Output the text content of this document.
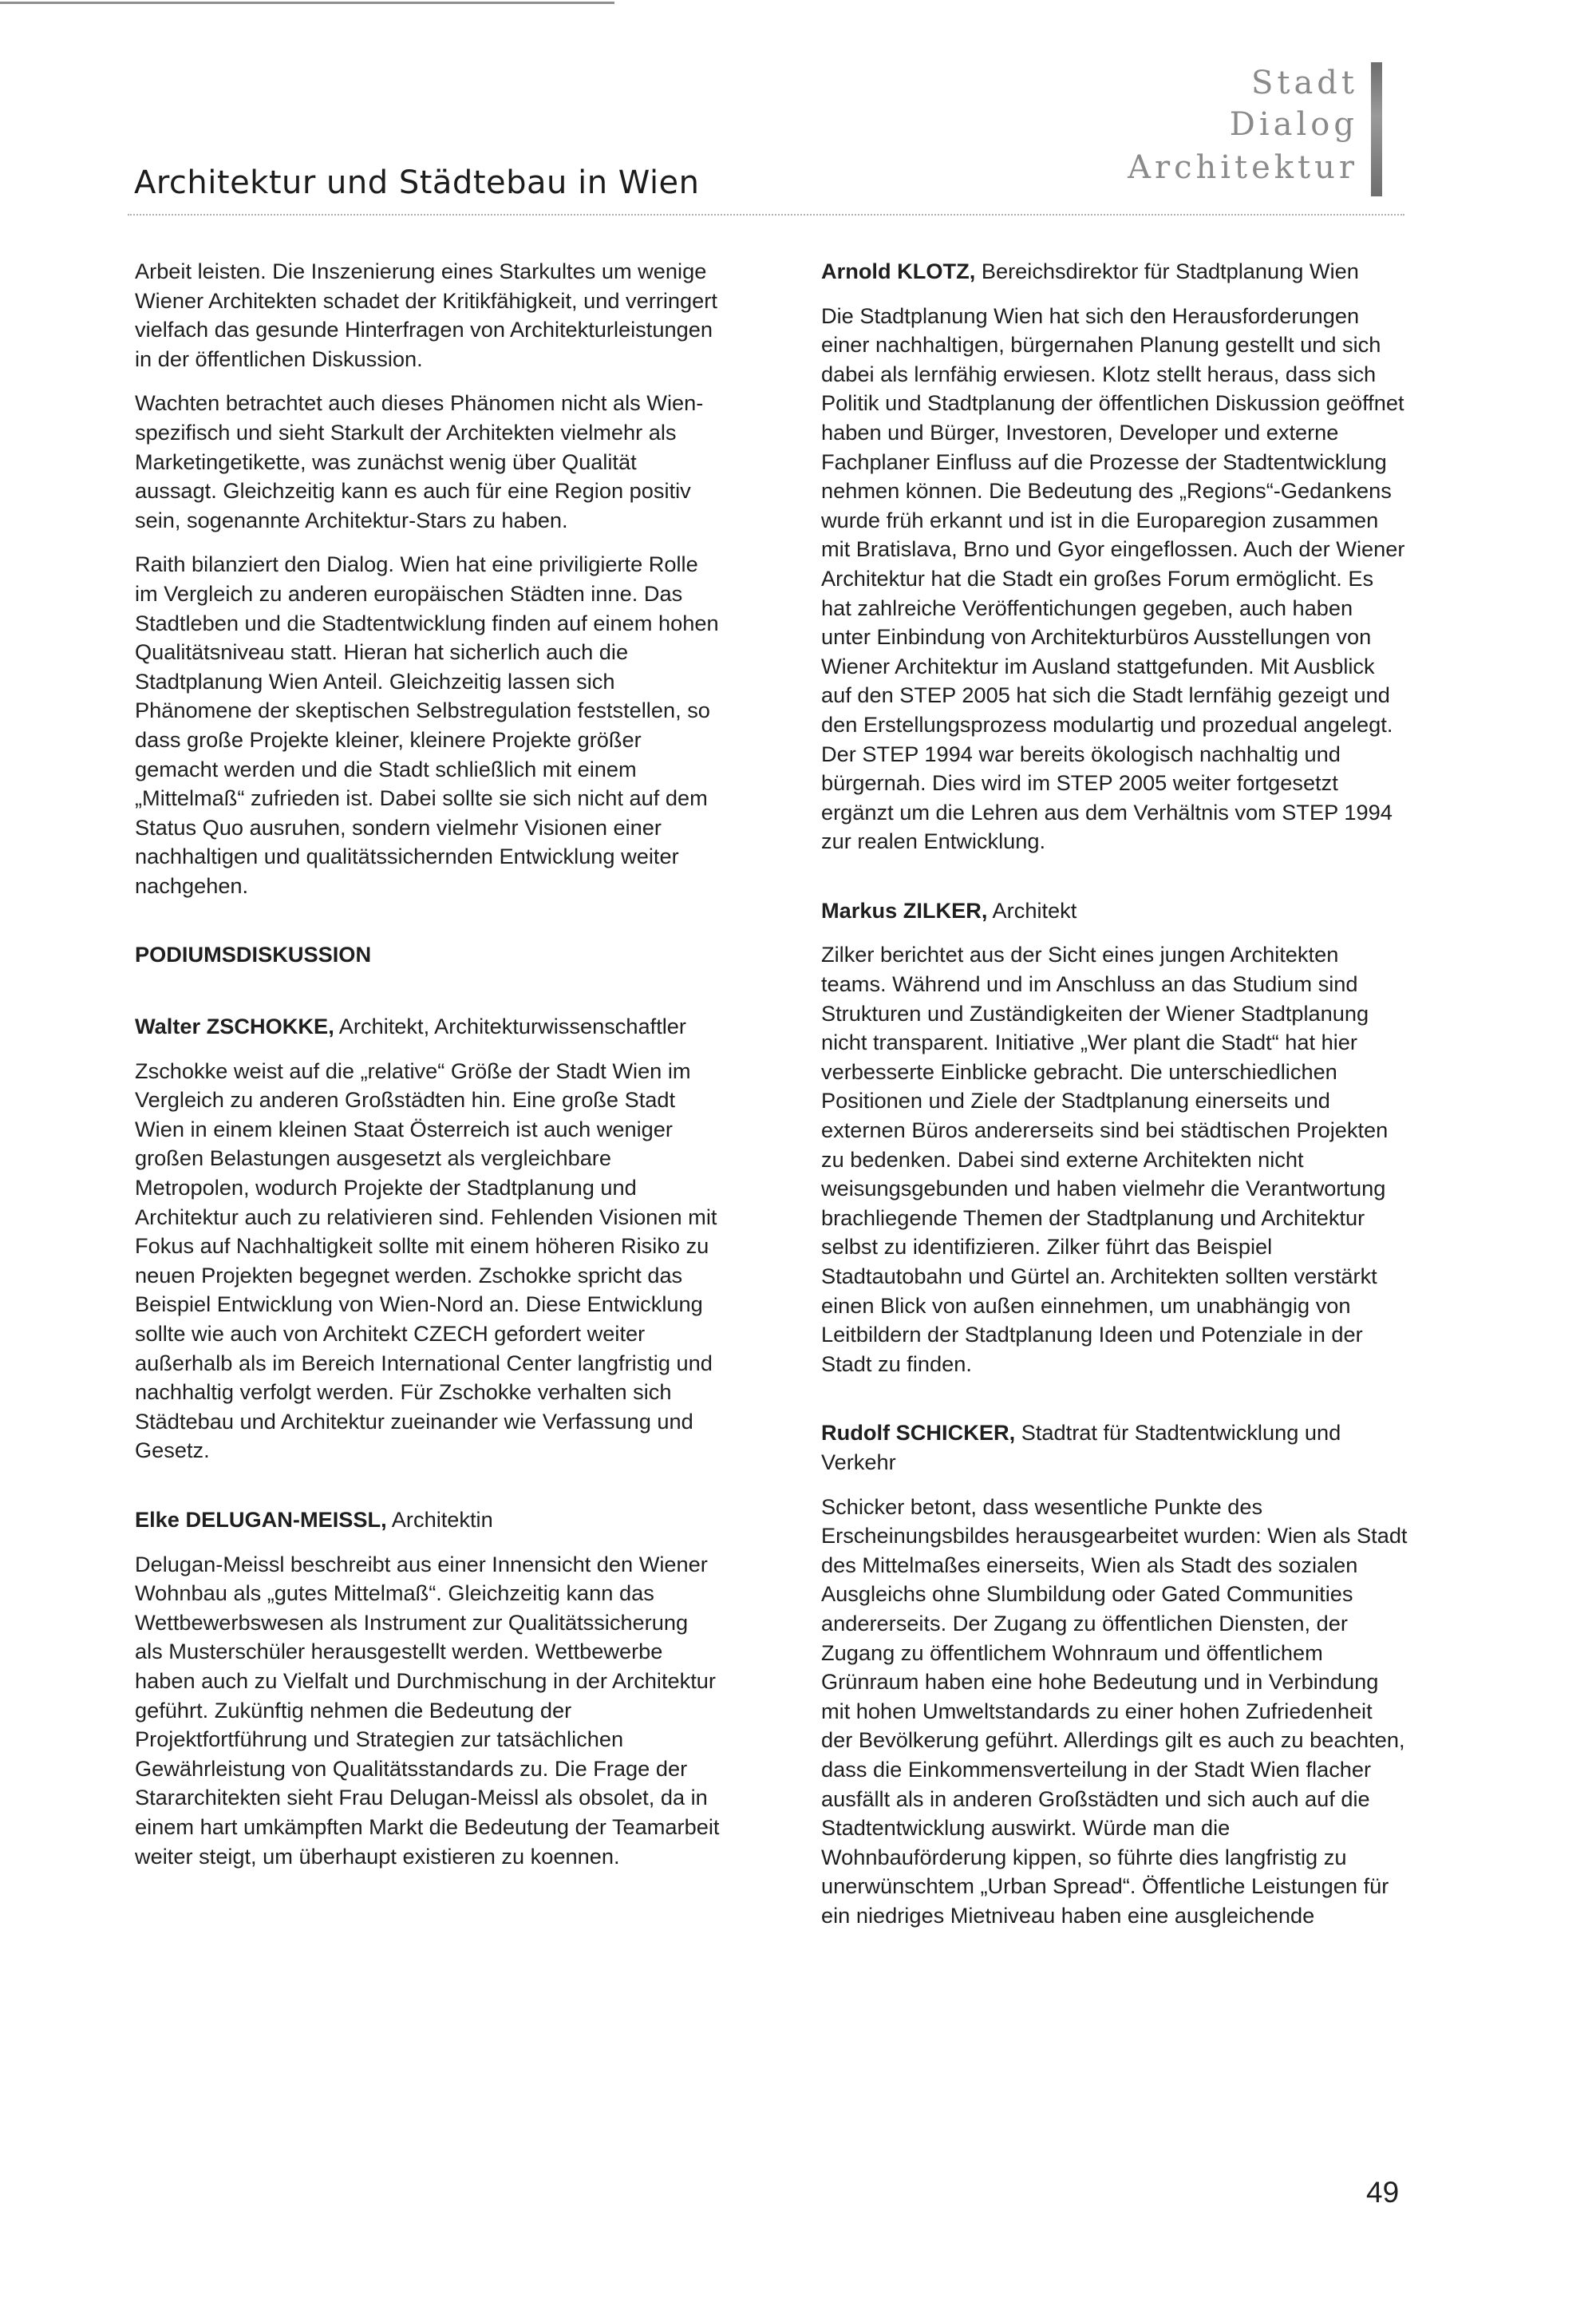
Architektur und Städtebau in Wien
Stadt
Dialog
Architektur

Arbeit leisten. Die Inszenierung eines Starkultes um wenige Wiener Architekten schadet der Kritikfähigkeit, und verringert vielfach das gesunde Hinterfragen von Architekturleistungen in der öffentlichen Diskussion.

Wachten betrachtet auch dieses Phänomen nicht als Wien-spezifisch und sieht Starkult der Architekten vielmehr als Marketingetikette, was zunächst wenig über Qualität aussagt. Gleichzeitig kann es auch für eine Region positiv sein, sogenannte Architektur-Stars zu haben.

Raith bilanziert den Dialog. Wien hat eine priviligierte Rolle im Vergleich zu anderen europäischen Städten inne. Das Stadtleben und die Stadtentwicklung finden auf einem hohen Qualitätsniveau statt. Hieran hat sicherlich auch die Stadtplanung Wien Anteil. Gleichzeitig lassen sich Phänomene der skeptischen Selbstregulation feststellen, so dass große Projekte kleiner, kleinere Projekte größer gemacht werden und die Stadt schließlich mit einem „Mittelmaß“ zufrieden ist. Dabei sollte sie sich nicht auf dem Status Quo ausruhen, sondern vielmehr Visionen einer nachhaltigen und qualitätssichernden Entwicklung weiter nachgehen.

PODIUMSDISKUSSION

Walter ZSCHOKKE, Architekt, Architekturwissenschaftler

Zschokke weist auf die „relative“ Größe der Stadt Wien im Vergleich zu anderen Großstädten hin. Eine große Stadt Wien in einem kleinen Staat Österreich ist auch weniger großen Belastungen ausgesetzt als vergleichbare Metropolen, wodurch Projekte der Stadtplanung und Architektur auch zu relativieren sind. Fehlenden Visionen mit Fokus auf Nachhaltigkeit sollte mit einem höheren Risiko zu neuen Projekten begegnet werden. Zschokke spricht das Beispiel Entwicklung von Wien-Nord an. Diese Entwicklung sollte wie auch von Architekt CZECH gefordert weiter außerhalb als im Bereich International Center langfristig und nachhaltig verfolgt werden. Für Zschokke verhalten sich Städtebau und Architektur zueinander wie Verfassung und Gesetz.

Elke DELUGAN-MEISSL, Architektin

Delugan-Meissl beschreibt aus einer Innensicht den Wiener Wohnbau als „gutes Mittelmaß“. Gleichzeitig kann das Wettbewerbswesen als Instrument zur Qualitätssicherung als Musterschüler herausgestellt werden. Wettbewerbe haben auch zu Vielfalt und Durchmischung in der Architektur geführt. Zukünftig nehmen die Bedeutung der Projektfortführung und Strategien zur tatsächlichen Gewährleistung von Qualitätsstandards zu. Die Frage der Stararchitekten sieht Frau Delugan-Meissl als obsolet, da in einem hart umkämpften Markt die Bedeutung der Teamarbeit weiter steigt, um überhaupt existieren zu koennen.

Arnold KLOTZ, Bereichsdirektor für Stadtplanung Wien

Die Stadtplanung Wien hat sich den Herausforderungen einer nachhaltigen, bürgernahen Planung gestellt und sich dabei als lernfähig erwiesen. Klotz stellt heraus, dass sich Politik und Stadtplanung der öffentlichen Diskussion geöffnet haben und Bürger, Investoren, Developer und externe Fachplaner Einfluss auf die Prozesse der Stadtentwicklung nehmen können. Die Bedeutung des „Regions“-Gedankens wurde früh erkannt und ist in die Europaregion zusammen mit Bratislava, Brno und Gyor eingeflossen. Auch der Wiener Architektur hat die Stadt ein großes Forum ermöglicht. Es hat zahlreiche Veröffentichungen gegeben, auch haben unter Einbindung von Architekturbüros Ausstellungen von Wiener Architektur im Ausland stattgefunden. Mit Ausblick auf den STEP 2005 hat sich die Stadt lernfähig gezeigt und den Erstellungsprozess modulartig und prozedual angelegt. Der STEP 1994 war bereits ökologisch nachhaltig und bürgernah. Dies wird im STEP 2005 weiter fortgesetzt ergänzt um die Lehren aus dem Verhältnis vom STEP 1994 zur realen Entwicklung.

Markus ZILKER, Architekt

Zilker berichtet aus der Sicht eines jungen Architekten teams. Während und im Anschluss an das Studium sind Strukturen und Zuständigkeiten der Wiener Stadtplanung nicht transparent. Initiative „Wer plant die Stadt“ hat hier verbesserte Einblicke gebracht. Die unterschiedlichen Positionen und Ziele der Stadtplanung einerseits und externen Büros andererseits sind bei städtischen Projekten zu bedenken. Dabei sind externe Architekten nicht weisungsgebunden und haben vielmehr die Verantwortung brachliegende Themen der Stadtplanung und Architektur selbst zu identifizieren. Zilker führt das Beispiel Stadtautobahn und Gürtel an. Architekten sollten verstärkt einen Blick von außen einnehmen, um unabhängig von Leitbildern der Stadtplanung Ideen und Potenziale in der Stadt zu finden.

Rudolf SCHICKER, Stadtrat für Stadtentwicklung und Verkehr

Schicker betont, dass wesentliche Punkte des Erscheinungsbildes herausgearbeitet wurden: Wien als Stadt des Mittelmaßes einerseits, Wien als Stadt des sozialen Ausgleichs ohne Slumbildung oder Gated Communities andererseits. Der Zugang zu öffentlichen Diensten, der Zugang zu öffentlichem Wohnraum und öffentlichem Grünraum haben eine hohe Bedeutung und in Verbindung mit hohen Umweltstandards zu einer hohen Zufriedenheit der Bevölkerung geführt. Allerdings gilt es auch zu beachten, dass die Einkommensverteilung in der Stadt Wien flacher ausfällt als in anderen Großstädten und sich auch auf die Stadtentwicklung auswirkt. Würde man die Wohnbauförderung kippen, so führte dies langfristig zu unerwünschtem „Urban Spread“. Öffentliche Leistungen für ein niedriges Mietniveau haben eine ausgleichende

49
